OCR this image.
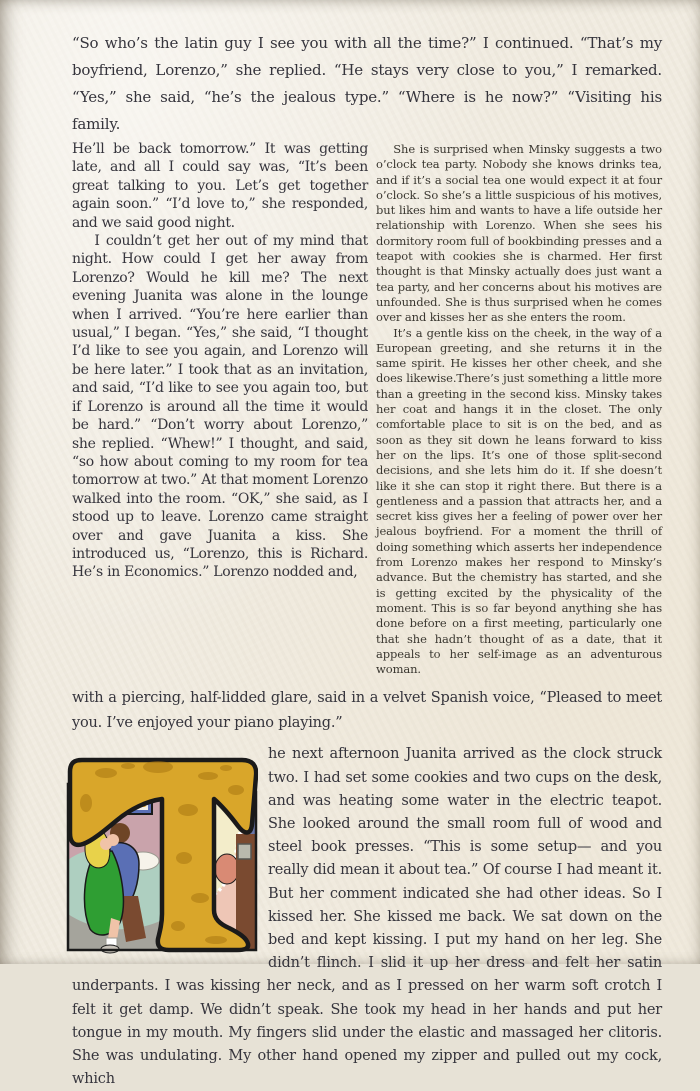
“So who’s the latin guy I see you with all the time?” I continued. “That’s my boyfriend, Lorenzo,” she replied. “He stays very close to you,” I remarked. “Yes,” she said, “he’s the jealous type.” “Where is he now?” “Visiting his family.

He’ll be back tomorrow.” It was getting late, and all I could say was, “It’s been great talking to you. Let’s get together again soon.” “I’d love to,” she responded, and we said good night.

I couldn’t get her out of my mind that night. How could I get her away from Lorenzo? Would he kill me? The next evening Juanita was alone in the lounge when I arrived. “You’re here earlier than usual,” I began. “Yes,” she said, “I thought I’d like to see you again, and Lorenzo will be here later.” I took that as an invitation, and said, “I’d like to see you again too, but if Lorenzo is around all the time it would be hard.” “Don’t worry about Lorenzo,” she replied. “Whew!” I thought, and said, “so how about coming to my room for tea tomorrow at two.” At that moment Lorenzo walked into the room. “OK,” she said, as I stood up to leave. Lorenzo came straight over and gave Juanita a kiss. She introduced us, “Lorenzo, this is Richard. He’s in Economics.” Lorenzo nodded and,

She is surprised when Minsky suggests a two o’clock tea party. Nobody she knows drinks tea, and if it’s a social tea one would expect it at four o’clock. So she’s a little suspicious of his motives, but likes him and wants to have a life outside her relationship with Lorenzo. When she sees his dormitory room full of bookbinding presses and a teapot with cookies she is charmed. Her first thought is that Minsky actually does just want a tea party, and her concerns about his motives are unfounded. She is thus surprised when he comes over and kisses her as she enters the room.

It’s a gentle kiss on the cheek, in the way of a European greeting, and she returns it in the same spirit. He kisses her other cheek, and she does likewise.There’s just something a little more than a greeting in the second kiss. Minsky takes her coat and hangs it in the closet. The only comfortable place to sit is on the bed, and as soon as they sit down he leans forward to kiss her on the lips. It’s one of those split-second decisions, and she lets him do it. If she doesn’t like it she can stop it right there. But there is a gentleness and a passion that attracts her, and a secret kiss gives her a feeling of power over her jealous boyfriend. For a moment the thrill of doing something which asserts her independence from Lorenzo makes her respond to Minsky’s advance. But the chemistry has started, and she is getting excited by the physicality of the moment. This is so far beyond anything she has done before on a first meeting, particularly one that she hadn’t thought of as a date, that it appeals to her self-image as an adventurous woman.

with a piercing, half-lidded glare, said in a velvet Spanish voice, “Pleased to meet you. I’ve enjoyed your piano playing.”

he next afternoon Juanita arrived as the clock struck two. I had set some cookies and two cups on the desk, and was heating some water in the electric teapot. She looked around the small room full of wood and steel book presses. “This is some setup— and you really did mean it about tea.” Of course I had meant it. But her comment indicated she had other ideas. So I kissed her. She kissed me back. We sat down on the bed and kept kissing. I put my hand on her leg. She didn’t flinch. I slid it up her dress and felt her satin underpants. I was kissing her neck, and as I pressed on her warm soft crotch I felt it get damp. We didn’t speak. She took my head in her hands and put her tongue in my mouth. My fingers slid under the elastic and massaged her clitoris. She was undulating. My other hand opened my zipper and pulled out my cock, which
